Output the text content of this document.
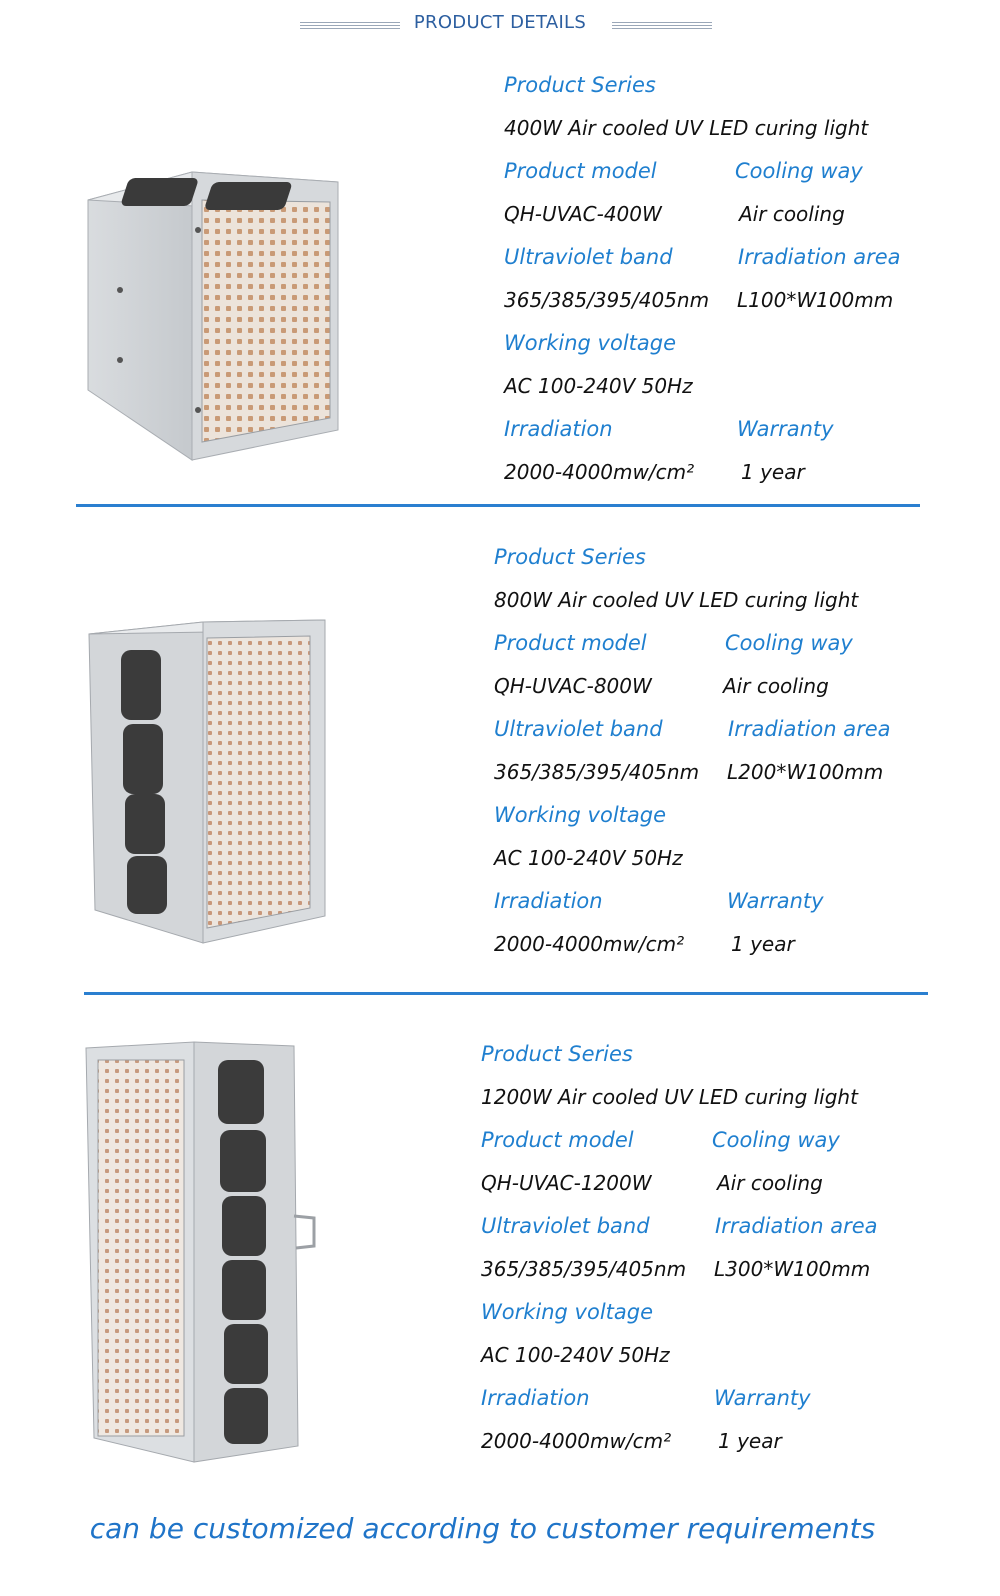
PRODUCT DETAILS
Product Series
400W Air cooled UV LED curing light
Product model	Cooling way
QH-UVAC-400W	Air cooling
Ultraviolet band	Irradiation area
365/385/395/405nm L100*W100mm
Working voltage
AC 100-240V 50Hz
Irradiation	Warranty
2000-4000mw/cm² 1 year
Product Series
800W Air cooled UV LED curing light
Product model	Cooling way
QH-UVAC-800W	Air cooling
Ultraviolet band	Irradiation area
365/385/395/405nm L200*W100mm
Working voltage
AC 100-240V 50Hz
Irradiation	Warranty
2000-4000mw/cm² 1 year
Product Series
1200W Air cooled UV LED curing light
Product model	Cooling way
QH-UVAC-1200W	Air cooling
Ultraviolet band	Irradiation area
365/385/395/405nm L300*W100mm
Working voltage
AC 100-240V 50Hz
Irradiation	Warranty
2000-4000mw/cm² 1 year
can be customized according to customer requirements
